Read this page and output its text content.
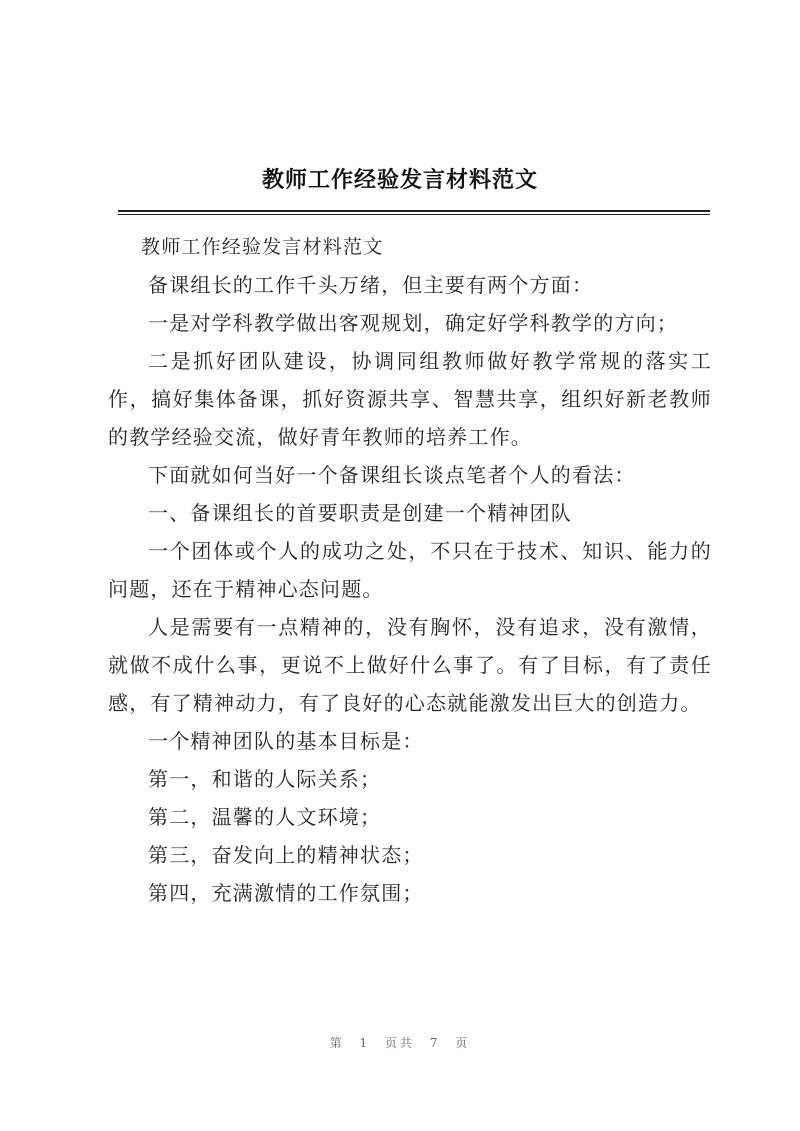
教师工作经验发言材料范文

教师工作经验发言材料范文

备课组长的工作千头万绪，但主要有两个方面：

一是对学科教学做出客观规划，确定好学科教学的方向；

二是抓好团队建设，协调同组教师做好教学常规的落实工作，搞好集体备课，抓好资源共享、智慧共享，组织好新老教师的教学经验交流，做好青年教师的培养工作。

下面就如何当好一个备课组长谈点笔者个人的看法：

一、备课组长的首要职责是创建一个精神团队

一个团体或个人的成功之处，不只在于技术、知识、能力的问题，还在于精神心态问题。

人是需要有一点精神的，没有胸怀，没有追求，没有激情，就做不成什么事，更说不上做好什么事了。有了目标，有了责任感，有了精神动力，有了良好的心态就能激发出巨大的创造力。

一个精神团队的基本目标是：

第一，和谐的人际关系；

第二，温馨的人文环境；

第三，奋发向上的精神状态；

第四，充满激情的工作氛围；

第 1 页共 7 页
